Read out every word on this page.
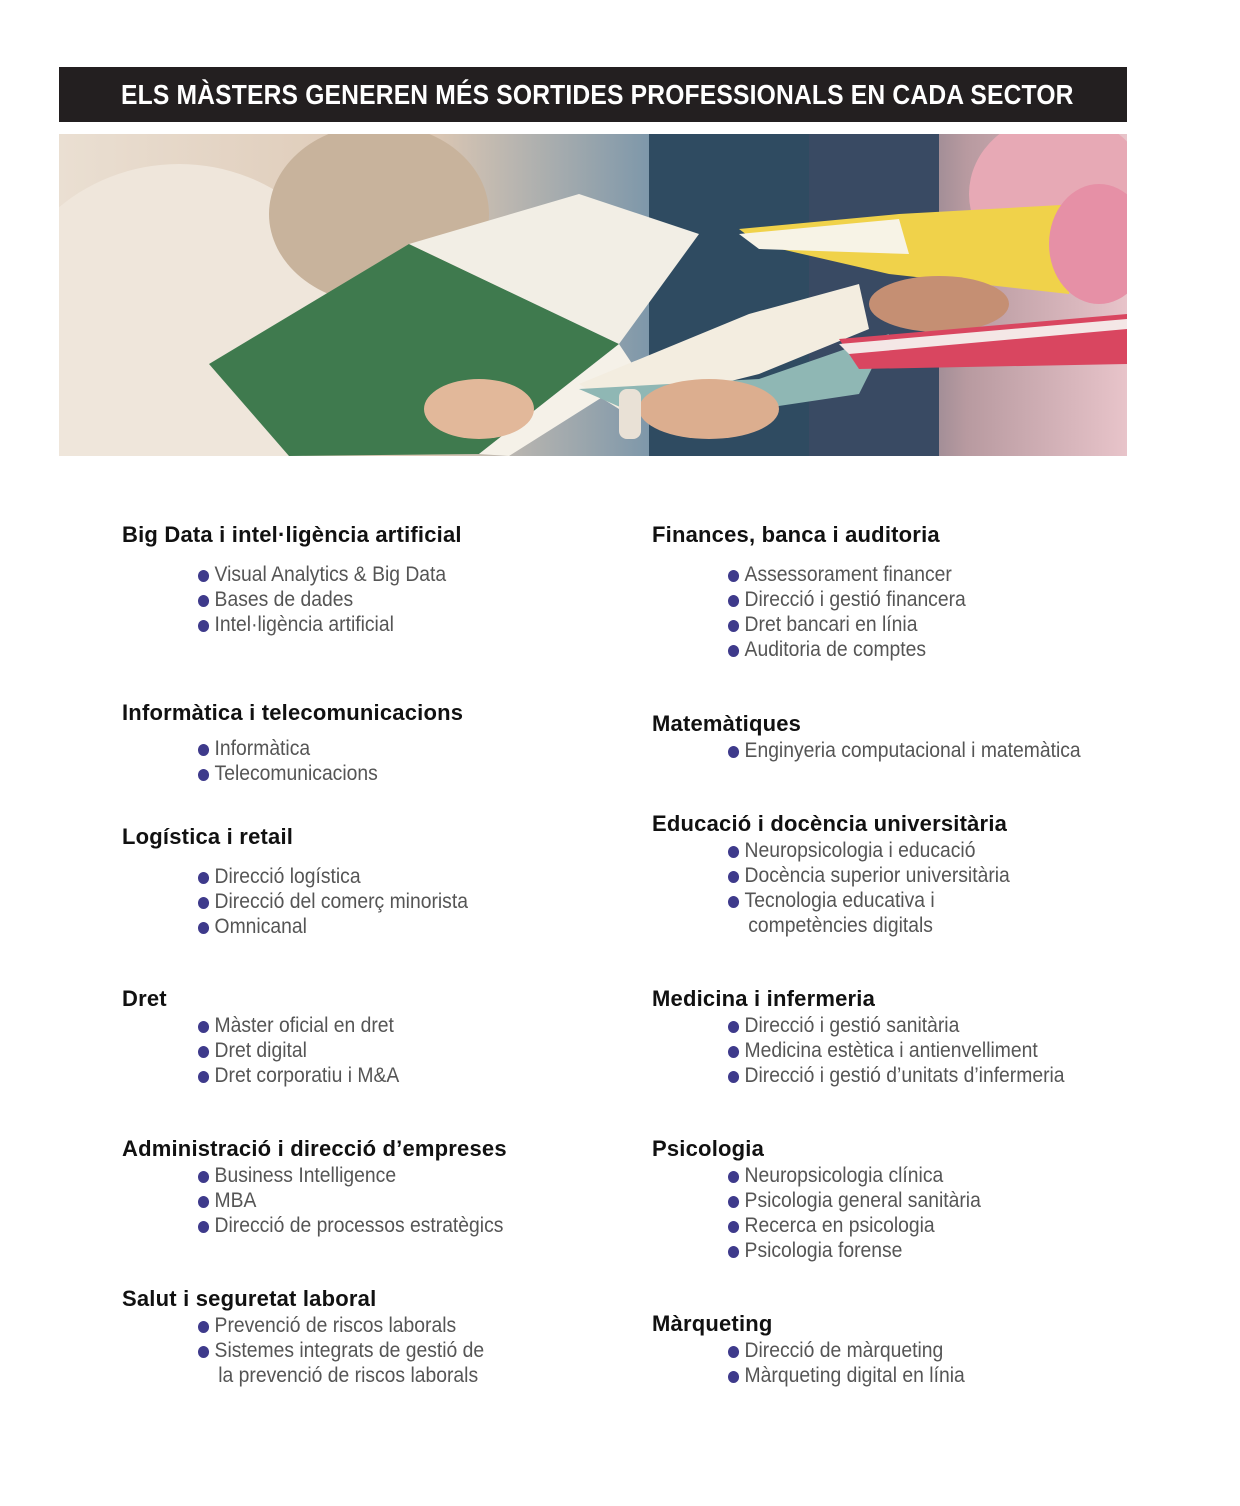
ELS MÀSTERS GENEREN MÉS SORTIDES PROFESSIONALS EN CADA SECTOR
Big Data i intel·ligència artificial
Visual Analytics & Big Data
Bases de dades
Intel·ligència artificial
Informàtica i telecomunicacions
Informàtica
Telecomunicacions
Logística i retail
Direcció logística
Direcció del comerç minorista
Omnicanal
Dret
Màster oficial en dret
Dret digital
Dret corporatiu i M&A
Administració i direcció d’empreses
Business Intelligence
MBA
Direcció de processos estratègics
Salut i seguretat laboral
Prevenció de riscos laborals
Sistemes integrats de gestió de
la prevenció de riscos laborals
Finances, banca i auditoria
Assessorament financer
Direcció i gestió financera
Dret bancari en línia
Auditoria de comptes
Matemàtiques
Enginyeria computacional i matemàtica
Educació i docència universitària
Neuropsicologia i educació
Docència superior universitària
Tecnologia educativa i
competències digitals
Medicina i infermeria
Direcció i gestió sanitària
Medicina estètica i antienvelliment
Direcció i gestió d’unitats d’infermeria
Psicologia
Neuropsicologia clínica
Psicologia general sanitària
Recerca en psicologia
Psicologia forense
Màrqueting
Direcció de màrqueting
Màrqueting digital en línia
